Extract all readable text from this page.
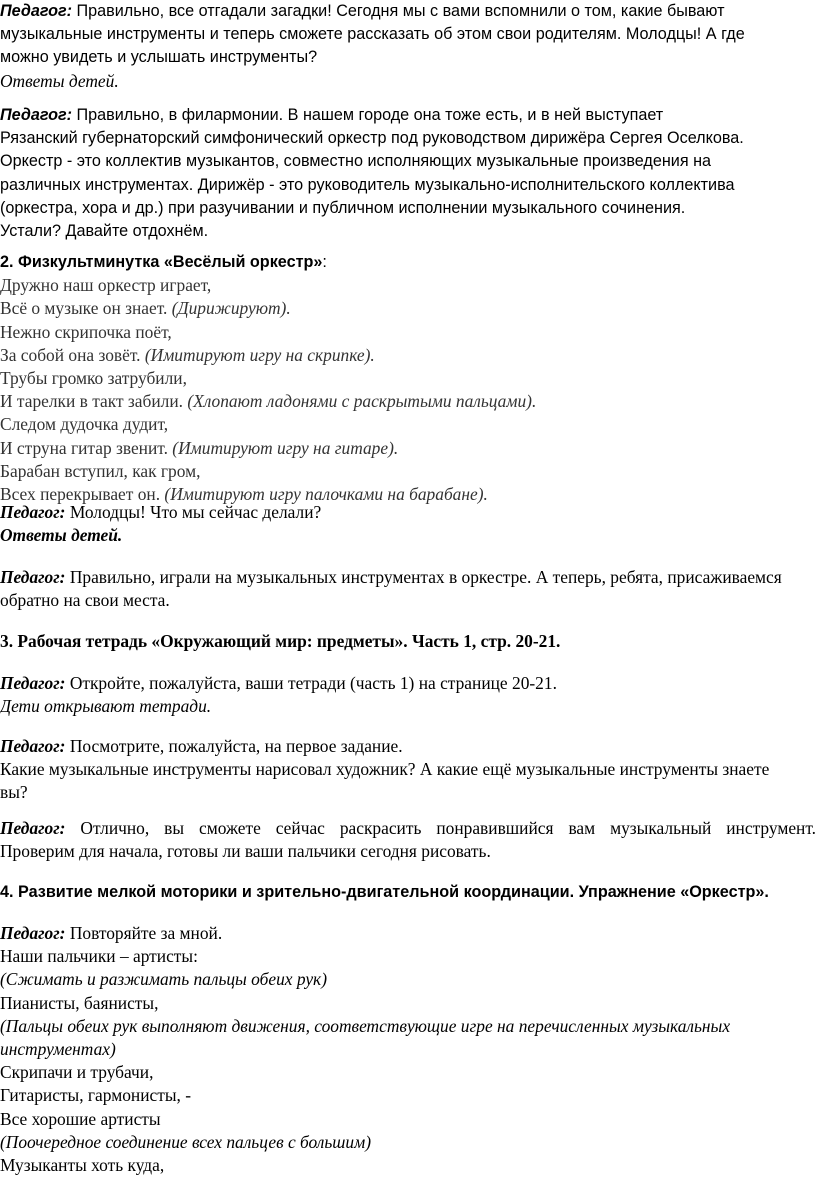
Педагог: Правильно, все отгадали загадки! Сегодня мы с вами вспомнили о том, какие бывают
музыкальные инструменты и теперь сможете рассказать об этом свои родителям. Молодцы! А где
можно увидеть и услышать инструменты?
Ответы детей.
Педагог: Правильно, в филармонии. В нашем городе она тоже есть, и в ней выступает
Рязанский губернаторский симфонический оркестр под руководством дирижёра Сергея Оселкова.
Оркестр - это коллектив музыкантов, совместно исполняющих музыкальные произведения на
различных инструментах. Дирижёр - это руководитель музыкально-исполнительского коллектива
(оркестра, хора и др.) при разучивании и публичном исполнении музыкального сочинения.
Устали? Давайте отдохнём.
2. Физкультминутка «Весёлый оркестр»:
Дружно наш оркестр играет,
Всё о музыке он знает. (Дирижируют).
Нежно скрипочка поёт,
За собой она зовёт. (Имитируют игру на скрипке).
Трубы громко затрубили,
И тарелки в такт забили. (Хлопают ладонями с раскрытыми пальцами).
Следом дудочка дудит,
И струна гитар звенит. (Имитируют игру на гитаре).
Барабан вступил, как гром,
Всех перекрывает он. (Имитируют игру палочками на барабане).
Педагог: Молодцы! Что мы сейчас делали?
Ответы детей.
Педагог: Правильно, играли на музыкальных инструментах в оркестре. А теперь, ребята, присаживаемся
обратно на свои места.
3. Рабочая тетрадь «Окружающий мир: предметы». Часть 1, стр. 20-21.
Педагог: Откройте, пожалуйста, ваши тетради (часть 1) на странице 20-21.
Дети открывают тетради.
Педагог: Посмотрите, пожалуйста, на первое задание.
Какие музыкальные инструменты нарисовал художник? А какие ещё музыкальные инструменты знаете
вы?
Педагог: Отлично, вы сможете сейчас раскрасить понравившийся вам музыкальный инструмент.
Проверим для начала, готовы ли ваши пальчики сегодня рисовать.
4. Развитие мелкой моторики и зрительно-двигательной координации. Упражнение «Оркестр».
Педагог: Повторяйте за мной.
Наши пальчики – артисты:
(Сжимать и разжимать пальцы обеих рук)
Пианисты, баянисты,
(Пальцы обеих рук выполняют движения, соответствующие игре на перечисленных музыкальных
инструментах)
Скрипачи и трубачи,
Гитаристы, гармонисты, -
Все хорошие артисты
(Поочередное соединение всех пальцев с большим)
Музыканты хоть куда,
